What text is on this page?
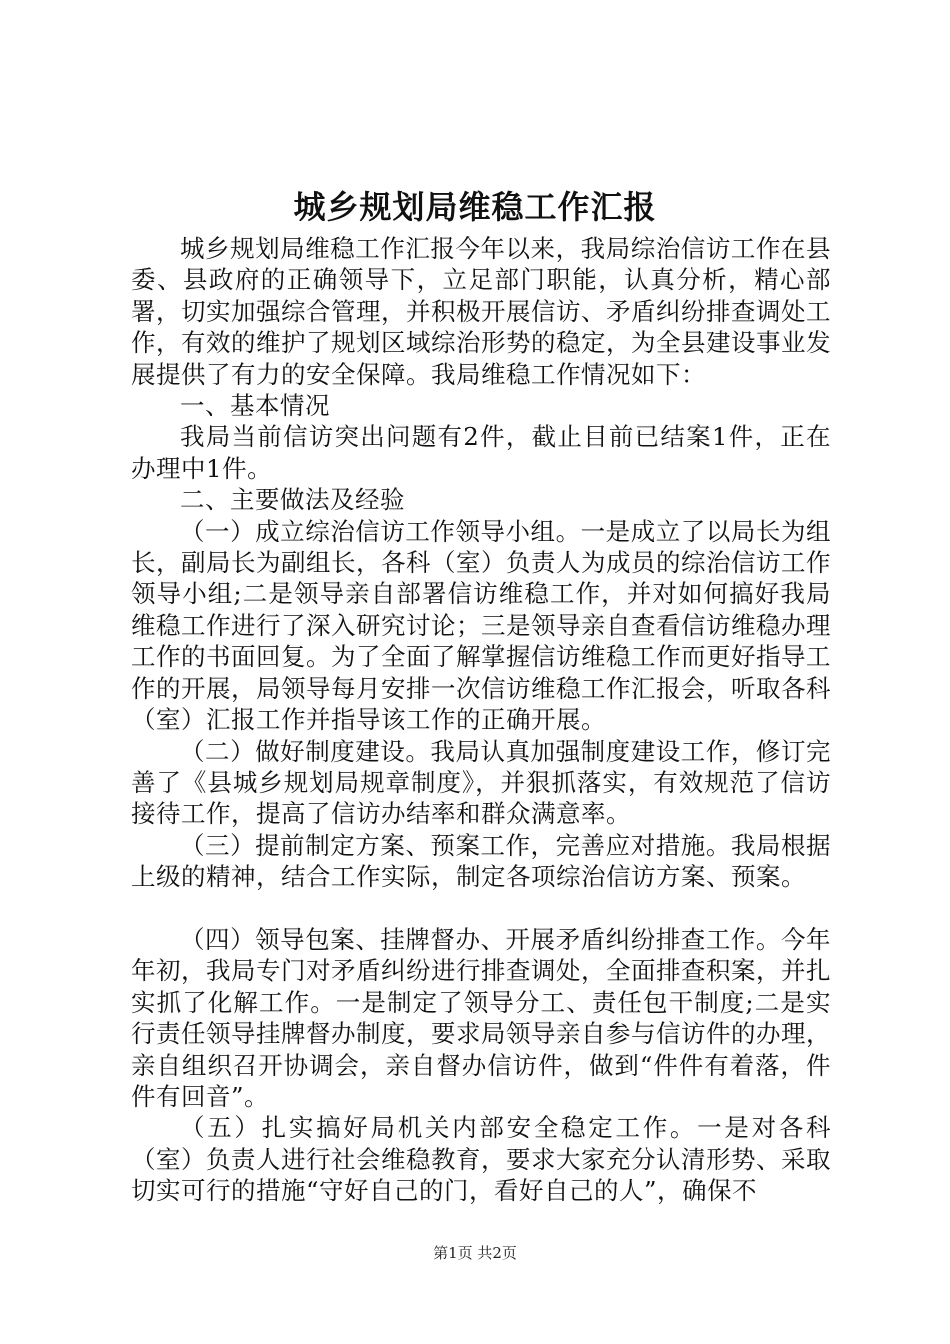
城乡规划局维稳工作汇报

城乡规划局维稳工作汇报今年以来，我局综治信访工作在县委、县政府的正确领导下，立足部门职能，认真分析，精心部署，切实加强综合管理，并积极开展信访、矛盾纠纷排查调处工作，有效的维护了规划区域综治形势的稳定，为全县建设事业发展提供了有力的安全保障。我局维稳工作情况如下：

一、基本情况

我局当前信访突出问题有2件，截止目前已结案1件，正在办理中1件。

二、主要做法及经验

（一）成立综治信访工作领导小组。一是成立了以局长为组长，副局长为副组长，各科（室）负责人为成员的综治信访工作领导小组;二是领导亲自部署信访维稳工作，并对如何搞好我局维稳工作进行了深入研究讨论；三是领导亲自查看信访维稳办理工作的书面回复。为了全面了解掌握信访维稳工作而更好指导工作的开展，局领导每月安排一次信访维稳工作汇报会，听取各科（室）汇报工作并指导该工作的正确开展。

（二）做好制度建设。我局认真加强制度建设工作，修订完善了《县城乡规划局规章制度》，并狠抓落实，有效规范了信访接待工作，提高了信访办结率和群众满意率。

（三）提前制定方案、预案工作，完善应对措施。我局根据上级的精神，结合工作实际，制定各项综治信访方案、预案。

（四）领导包案、挂牌督办、开展矛盾纠纷排查工作。今年年初，我局专门对矛盾纠纷进行排查调处，全面排查积案，并扎实抓了化解工作。一是制定了领导分工、责任包干制度;二是实行责任领导挂牌督办制度，要求局领导亲自参与信访件的办理，亲自组织召开协调会，亲自督办信访件，做到“件件有着落，件件有回音”。

（五）扎实搞好局机关内部安全稳定工作。一是对各科（室）负责人进行社会维稳教育，要求大家充分认清形势、采取切实可行的措施“守好自己的门，看好自己的人”，确保不

第1页 共2页
